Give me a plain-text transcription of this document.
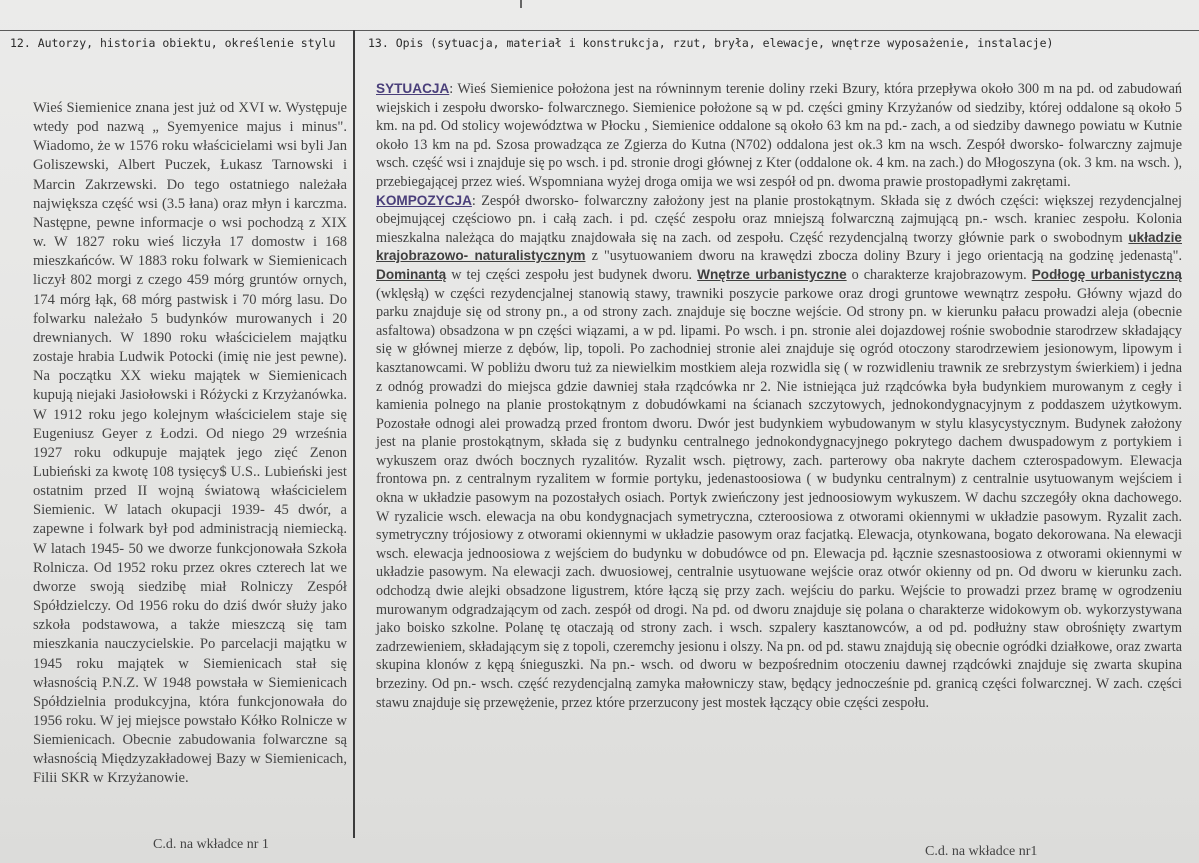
12. Autorzy, historia obiektu, określenie stylu	13. Opis (sytuacja, materiał i konstrukcja, rzut, bryła, elewacje, wnętrze wyposażenie, instalacje)

Wieś Siemienice znana jest już od XVI w. Występuje wtedy pod nazwą „ Syemyenice majus i minus". Wiadomo, że w 1576 roku właścicielami wsi byli Jan Goliszewski, Albert Puczek, Łukasz Tarnowski i Marcin Zakrzewski. Do tego ostatniego należała największa część wsi (3.5 łana) oraz młyn i karczma. Następne, pewne informacje o wsi pochodzą z XIX w. W 1827 roku wieś liczyła 17 domostw i 168 mieszkańców. W 1883 roku folwark w Siemienicach liczył 802 morgi z czego 459 mórg gruntów ornych, 174 mórg łąk, 68 mórg pastwisk i 70 mórg lasu. Do folwarku należało 5 budynków murowanych i 20 drewnianych. W 1890 roku właścicielem majątku zostaje hrabia Ludwik Potocki (imię nie jest pewne). Na początku XX wieku majątek w Siemienicach kupują niejaki Jasiołowski i Różycki z Krzyżanówka. W 1912 roku jego kolejnym właścicielem staje się Eugeniusz Geyer z Łodzi. Od niego 29 września 1927 roku odkupuje majątek jego zięć Zenon Lubieński za kwotę 108 tysięcy$ U.S.. Lubieński jest ostatnim przed II wojną światową właścicielem Siemienic. W latach okupacji 1939- 45 dwór, a zapewne i folwark był pod administracją niemiecką. W latach 1945- 50 we dworze funkcjonowała Szkoła Rolnicza. Od 1952 roku przez okres czterech lat we dworze swoją siedzibę miał Rolniczy Zespół Spółdzielczy. Od 1956 roku do dziś dwór służy jako szkoła podstawowa, a także mieszczą się tam mieszkania nauczycielskie. Po parcelacji majątku w 1945 roku majątek w Siemienicach stał się własnością P.N.Z. W 1948 powstała w Siemienicach Spółdzielnia produkcyjna, która funkcjonowała do 1956 roku. W jej miejsce powstało Kółko Rolnicze w Siemienicach. Obecnie zabudowania folwarczne są własnością Międzyzakładowej Bazy w Siemienicach, Filii SKR w Krzyżanowie.

SYTUACJA: Wieś Siemienice położona jest na równinnym terenie doliny rzeki Bzury, która przepływa około 300 m na pd. od zabudowań wiejskich i zespołu dworsko- folwarcznego. Siemienice położone są w pd. części gminy Krzyżanów od siedziby, której oddalone są około 5 km. na pd. Od stolicy województwa w Płocku , Siemienice oddalone są około 63 km na pd.- zach, a od siedziby dawnego powiatu w Kutnie około 13 km na pd. Szosa prowadząca ze Zgierza do Kutna (N702) oddalona jest ok.3 km na wsch. Zespół dworsko- folwarczny zajmuje wsch. część wsi i znajduje się po wsch. i pd. stronie drogi głównej z Kter (oddalone ok. 4 km. na zach.) do Młogoszyna (ok. 3 km. na wsch. ), przebiegającej przez wieś. Wspomniana wyżej droga omija we wsi zespół od pn. dwoma prawie prostopadłymi zakrętami.
KOMPOZYCJA: Zespół dworsko- folwarczny założony jest na planie prostokątnym. Składa się z dwóch części: większej rezydencjalnej obejmującej częściowo pn. i całą zach. i pd. część zespołu oraz mniejszą folwarczną zajmującą pn.- wsch. kraniec zespołu. Kolonia mieszkalna należąca do majątku znajdowała się na zach. od zespołu. Część rezydencjalną tworzy głównie park o swobodnym układzie krajobrazowo- naturalistycznym z "usytuowaniem dworu na krawędzi zbocza doliny Bzury i jego orientacją na godzinę jedenastą". Dominantą w tej części zespołu jest budynek dworu. Wnętrze urbanistyczne o charakterze krajobrazowym. Podłogę urbanistyczną (wklęsłą) w części rezydencjalnej stanowią stawy, trawniki poszycie parkowe oraz drogi gruntowe wewnątrz zespołu. Główny wjazd do parku znajduje się od strony pn., a od strony zach. znajduje się boczne wejście. Od strony pn. w kierunku pałacu prowadzi aleja (obecnie asfaltowa) obsadzona w pn części wiązami, a w pd. lipami. Po wsch. i pn. stronie alei dojazdowej rośnie swobodnie starodrzew składający się w głównej mierze z dębów, lip, topoli. Po zachodniej stronie alei znajduje się ogród otoczony starodrzewiem jesionowym, lipowym i kasztanowcami. W pobliżu dworu tuż za niewielkim mostkiem aleja rozwidla się ( w rozwidleniu trawnik ze srebrzystym świerkiem) i jedna z odnóg prowadzi do miejsca gdzie dawniej stała rządcówka nr 2. Nie istniejąca już rządcówka była budynkiem murowanym z cegły i kamienia polnego na planie prostokątnym z dobudówkami na ścianach szczytowych, jednokondygnacyjnym z poddaszem użytkowym. Pozostałe odnogi alei prowadzą przed frontom dworu. Dwór jest budynkiem wybudowanym w stylu klasycystycznym. Budynek założony jest na planie prostokątnym, składa się z budynku centralnego jednokondygnacyjnego pokrytego dachem dwuspadowym z portykiem i wykuszem oraz dwóch bocznych ryzalitów. Ryzalit wsch. piętrowy, zach. parterowy oba nakryte dachem czterospadowym. Elewacja frontowa pn. z centralnym ryzalitem w formie portyku, jedenastoosiowa ( w budynku centralnym) z centralnie usytuowanym wejściem i okna w układzie pasowym na pozostałych osiach. Portyk zwieńczony jest jednoosiowym wykuszem. W dachu szczegóły okna dachowego. W ryzalicie wsch. elewacja na obu kondygnacjach symetryczna, czteroosiowa z otworami okiennymi w układzie pasowym. Ryzalit zach. symetryczny trójosiowy z otworami okiennymi w układzie pasowym oraz facjatką. Elewacja, otynkowana, bogato dekorowana. Na elewacji wsch. elewacja jednoosiowa z wejściem do budynku w dobudówce od pn. Elewacja pd. łącznie szesnastoosiowa z otworami okiennymi w układzie pasowym. Na elewacji zach. dwuosiowej, centralnie usytuowane wejście oraz otwór okienny od pn. Od dworu w kierunku zach. odchodzą dwie alejki obsadzone ligustrem, które łączą się przy zach. wejściu do parku. Wejście to prowadzi przez bramę w ogrodzeniu murowanym odgradzającym od zach. zespół od drogi. Na pd. od dworu znajduje się polana o charakterze widokowym ob. wykorzystywana jako boisko szkolne. Polanę tę otaczają od strony zach. i wsch. szpalery kasztanowców, a od pd. podłużny staw obrośnięty zwartym zadrzewieniem, składającym się z topoli, czeremchy jesionu i olszy. Na pn. od pd. stawu znajdują się obecnie ogródki działkowe, oraz zwarta skupina klonów z kępą śnieguszki. Na pn.- wsch. od dworu w bezpośrednim otoczeniu dawnej rządcówki znajduje się zwarta skupina brzeziny. Od pn.- wsch. część rezydencjalną zamyka małowniczy staw, będący jednocześnie pd. granicą części folwarcznej. W zach. części stawu znajduje się przewężenie, przez które przerzucony jest mostek łączący obie części zespołu.

C.d. na wkładce nr 1	C.d. na wkładce nr1
